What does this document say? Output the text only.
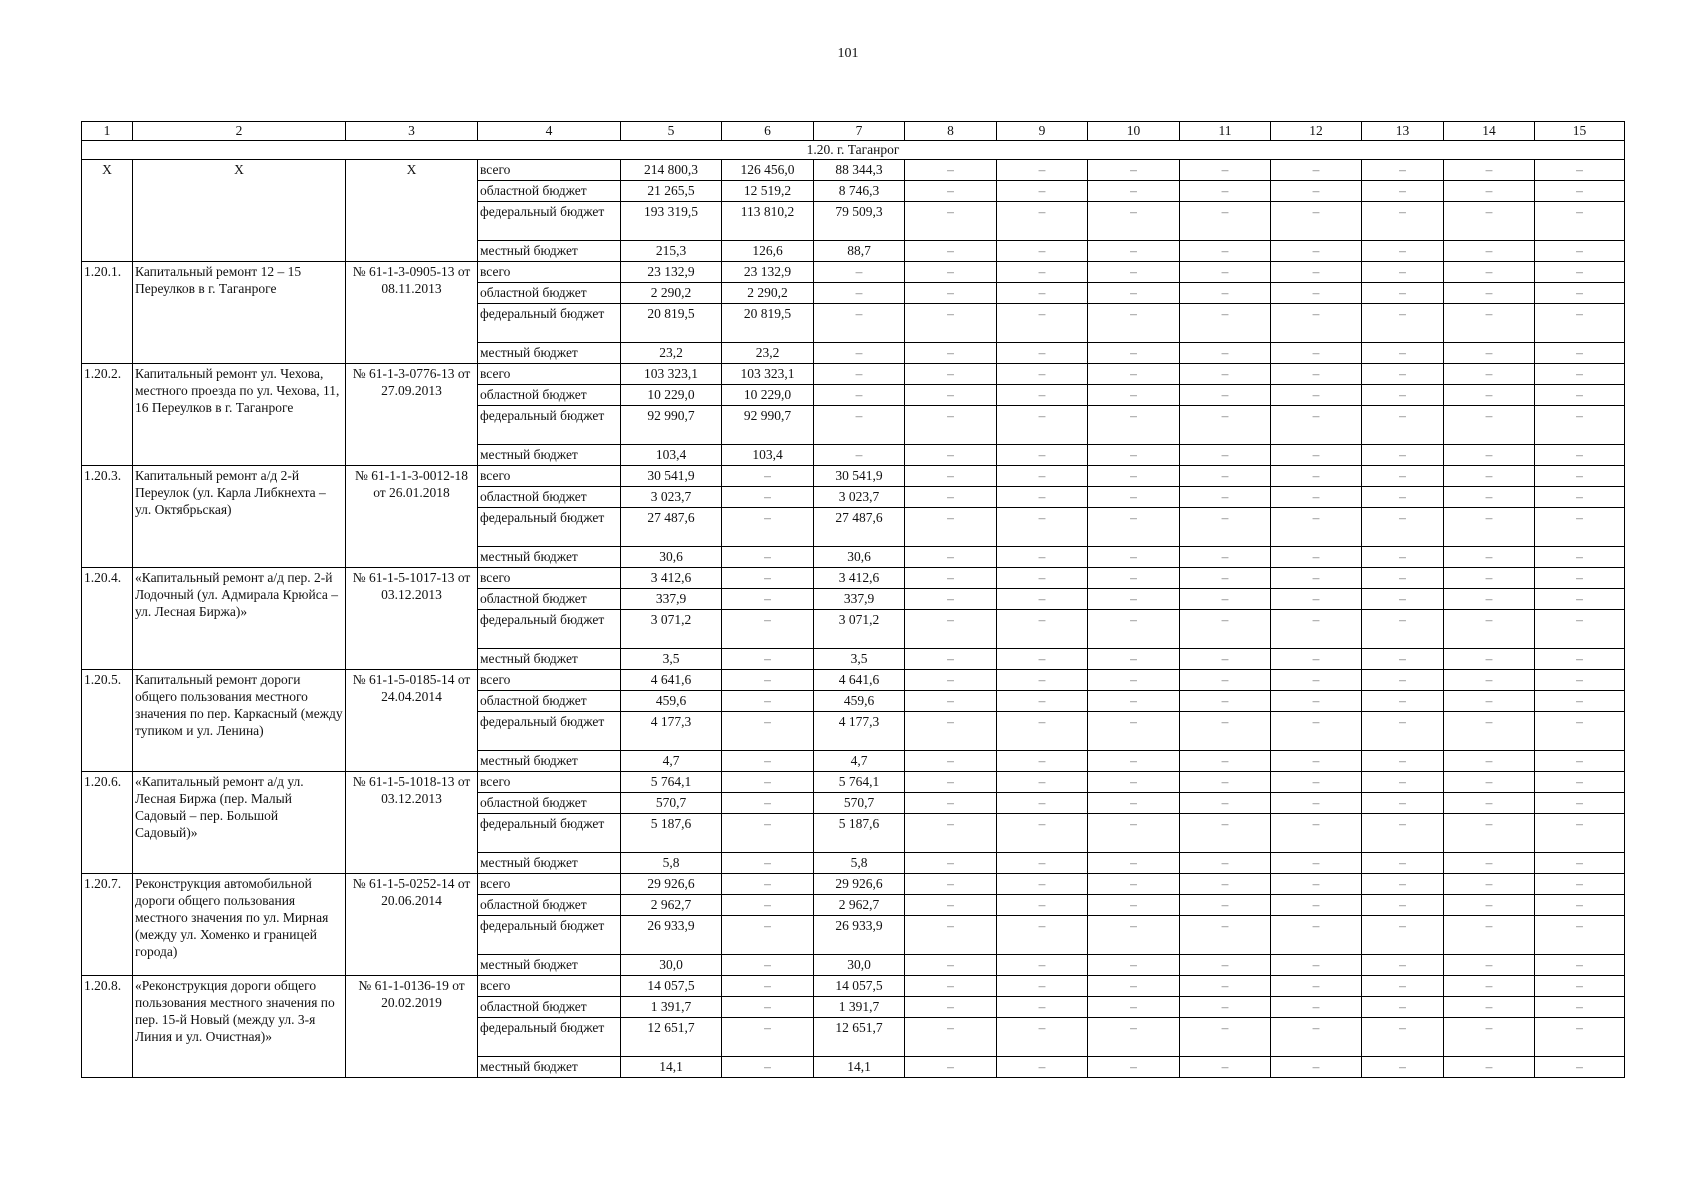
101
1	2	3	4	5	6	7	8	9	10	11	12	13	14	15
1.20. г. Таганрог														
Х	Х	Х	всего	214 800,3	126 456,0	88 344,3	–	–	–	–	–	–	–	–
			областной бюджет	21 265,5	12 519,2	8 746,3	–	–	–	–	–	–	–	–
			федеральный бюджет	193 319,5	113 810,2	79 509,3	–	–	–	–	–	–	–	–
			местный бюджет	215,3	126,6	88,7	–	–	–	–	–	–	–	–
1.20.1.	Капитальный ремонт 12 – 15 Переулков в г. Таганроге	№ 61-1-3-0905-13 от 08.11.2013	всего	23 132,9	23 132,9	–	–	–	–	–	–	–	–	–
			областной бюджет	2 290,2	2 290,2	–	–	–	–	–	–	–	–	–
			федеральный бюджет	20 819,5	20 819,5	–	–	–	–	–	–	–	–	–
			местный бюджет	23,2	23,2	–	–	–	–	–	–	–	–	–
1.20.2.	Капитальный ремонт ул. Чехова, местного проезда по ул. Чехова, 11, 16 Переулков в г. Таганроге	№ 61-1-3-0776-13 от 27.09.2013	всего	103 323,1	103 323,1	–	–	–	–	–	–	–	–	–
			областной бюджет	10 229,0	10 229,0	–	–	–	–	–	–	–	–	–
			федеральный бюджет	92 990,7	92 990,7	–	–	–	–	–	–	–	–	–
			местный бюджет	103,4	103,4	–	–	–	–	–	–	–	–	–
1.20.3.	Капитальный ремонт а/д 2-й Переулок (ул. Карла Либкнехта – ул. Октябрьская)	№ 61-1-1-3-0012-18 от 26.01.2018	всего	30 541,9	–	30 541,9	–	–	–	–	–	–	–	–
			областной бюджет	3 023,7	–	3 023,7	–	–	–	–	–	–	–	–
			федеральный бюджет	27 487,6	–	27 487,6	–	–	–	–	–	–	–	–
			местный бюджет	30,6	–	30,6	–	–	–	–	–	–	–	–
1.20.4.	«Капитальный ремонт а/д пер. 2-й Лодочный (ул. Адмирала Крюйса – ул. Лесная Биржа)»	№ 61-1-5-1017-13 от 03.12.2013	всего	3 412,6	–	3 412,6	–	–	–	–	–	–	–	–
			областной бюджет	337,9	–	337,9	–	–	–	–	–	–	–	–
			федеральный бюджет	3 071,2	–	3 071,2	–	–	–	–	–	–	–	–
			местный бюджет	3,5	–	3,5	–	–	–	–	–	–	–	–
1.20.5.	Капитальный ремонт дороги общего пользования местного значения по пер. Каркасный (между тупиком и ул. Ленина)	№ 61-1-5-0185-14 от 24.04.2014	всего	4 641,6	–	4 641,6	–	–	–	–	–	–	–	–
			областной бюджет	459,6	–	459,6	–	–	–	–	–	–	–	–
			федеральный бюджет	4 177,3	–	4 177,3	–	–	–	–	–	–	–	–
			местный бюджет	4,7	–	4,7	–	–	–	–	–	–	–	–
1.20.6.	«Капитальный ремонт а/д ул. Лесная Биржа (пер. Малый Садовый – пер. Большой Садовый)»	№ 61-1-5-1018-13 от 03.12.2013	всего	5 764,1	–	5 764,1	–	–	–	–	–	–	–	–
			областной бюджет	570,7	–	570,7	–	–	–	–	–	–	–	–
			федеральный бюджет	5 187,6	–	5 187,6	–	–	–	–	–	–	–	–
			местный бюджет	5,8	–	5,8	–	–	–	–	–	–	–	–
1.20.7.	Реконструкция автомобильной дороги общего пользования местного значения по ул. Мирная (между ул. Хоменко и границей города)	№ 61-1-5-0252-14 от 20.06.2014	всего	29 926,6	–	29 926,6	–	–	–	–	–	–	–	–
			областной бюджет	2 962,7	–	2 962,7	–	–	–	–	–	–	–	–
			федеральный бюджет	26 933,9	–	26 933,9	–	–	–	–	–	–	–	–
			местный бюджет	30,0	–	30,0	–	–	–	–	–	–	–	–
1.20.8.	«Реконструкция дороги общего пользования местного значения по пер. 15-й Новый (между ул. 3-я Линия и ул. Очистная)»	№ 61-1-0136-19 от 20.02.2019	всего	14 057,5	–	14 057,5	–	–	–	–	–	–	–	–
			областной бюджет	1 391,7	–	1 391,7	–	–	–	–	–	–	–	–
			федеральный бюджет	12 651,7	–	12 651,7	–	–	–	–	–	–	–	–
			местный бюджет	14,1	–	14,1	–	–	–	–	–	–	–	–
